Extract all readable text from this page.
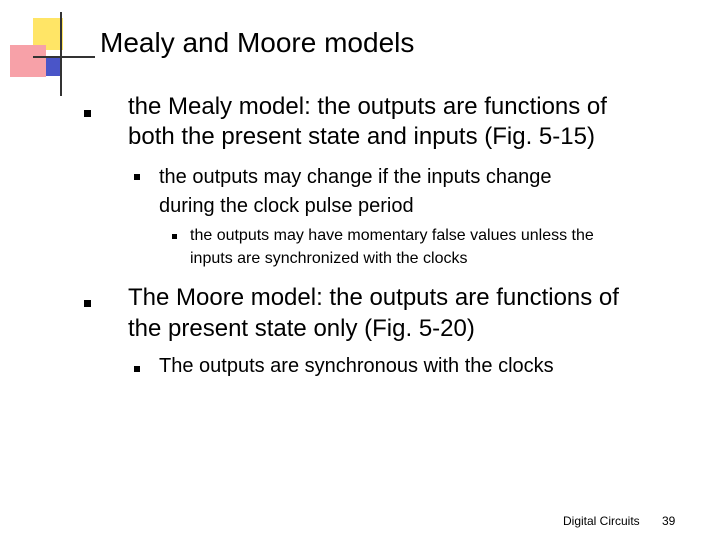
Mealy and Moore models
the Mealy model: the outputs are functions of
both the present state and inputs (Fig. 5-15)
the outputs may change if the inputs change
during the clock pulse period
the outputs may have momentary false values unless the
inputs are synchronized with the clocks
The Moore model: the outputs are functions of
the present state only (Fig. 5-20)
The outputs are synchronous with the clocks
Digital Circuits 39
